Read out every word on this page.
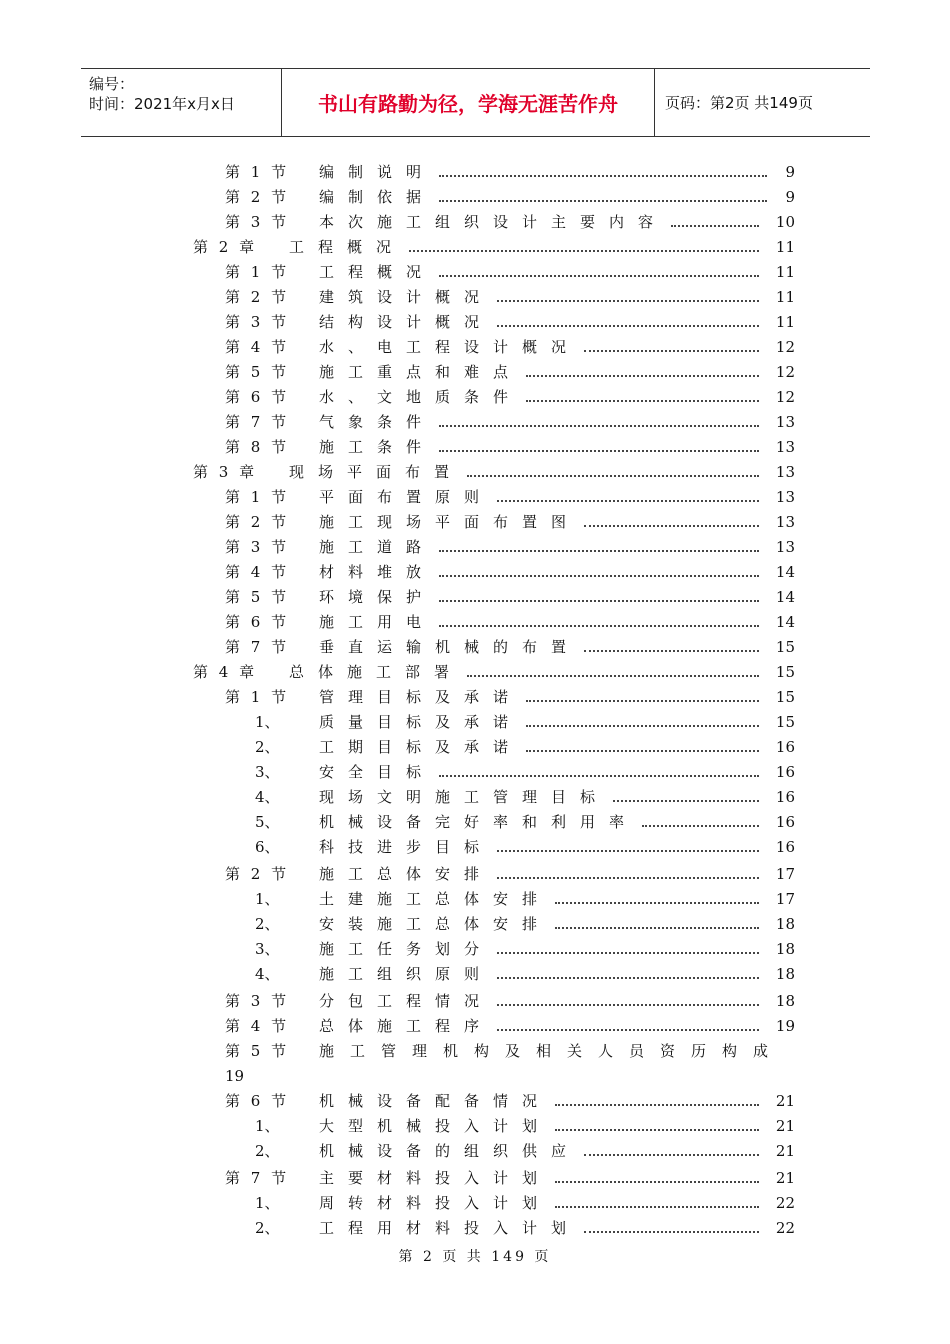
编号：
时间：2021年x月x日	书山有路勤为径，学海无涯苦作舟	页码：第2页 共149页
第 1 节 编制说明	9
第 2 节 编制依据	9
第 3 节 本次施工组织设计主要内容	10
第 2 章 工程概况	11
第 1 节 工程概况	11
第 2 节 建筑设计概况	11
第 3 节 结构设计概况	11
第 4 节 水、电工程设计概况	12
第 5 节 施工重点和难点	12
第 6 节 水、文地质条件	12
第 7 节 气象条件	13
第 8 节 施工条件	13
第 3 章 现场平面布置	13
第 1 节 平面布置原则	13
第 2 节 施工现场平面布置图	13
第 3 节 施工道路	13
第 4 节 材料堆放	14
第 5 节 环境保护	14
第 6 节 施工用电	14
第 7 节 垂直运输机械的布置	15
第 4 章 总体施工部署	15
第 1 节 管理目标及承诺	15
1、	质量目标及承诺	15
2、	工期目标及承诺	16
3、	安全目标	16
4、	现场文明施工管理目标	16
5、	机械设备完好率和利用率	16
6、	科技进步目标	16
第 2 节 施工总体安排	17
1、	土建施工总体安排	17
2、	安装施工总体安排	18
3、	施工任务划分	18
4、	施工组织原则	18
第 3 节 分包工程情况	18
第 4 节 总体施工程序	19
第 5 节 施工管理机构及相关人员资历构成
19
第 6 节 机械设备配备情况	21
1、	大型机械投入计划	21
2、	机械设备的组织供应	21
第 7 节 主要材料投入计划	21
1、	周转材料投入计划	22
2、	工程用材料投入计划	22
第 2 页 共 149 页
